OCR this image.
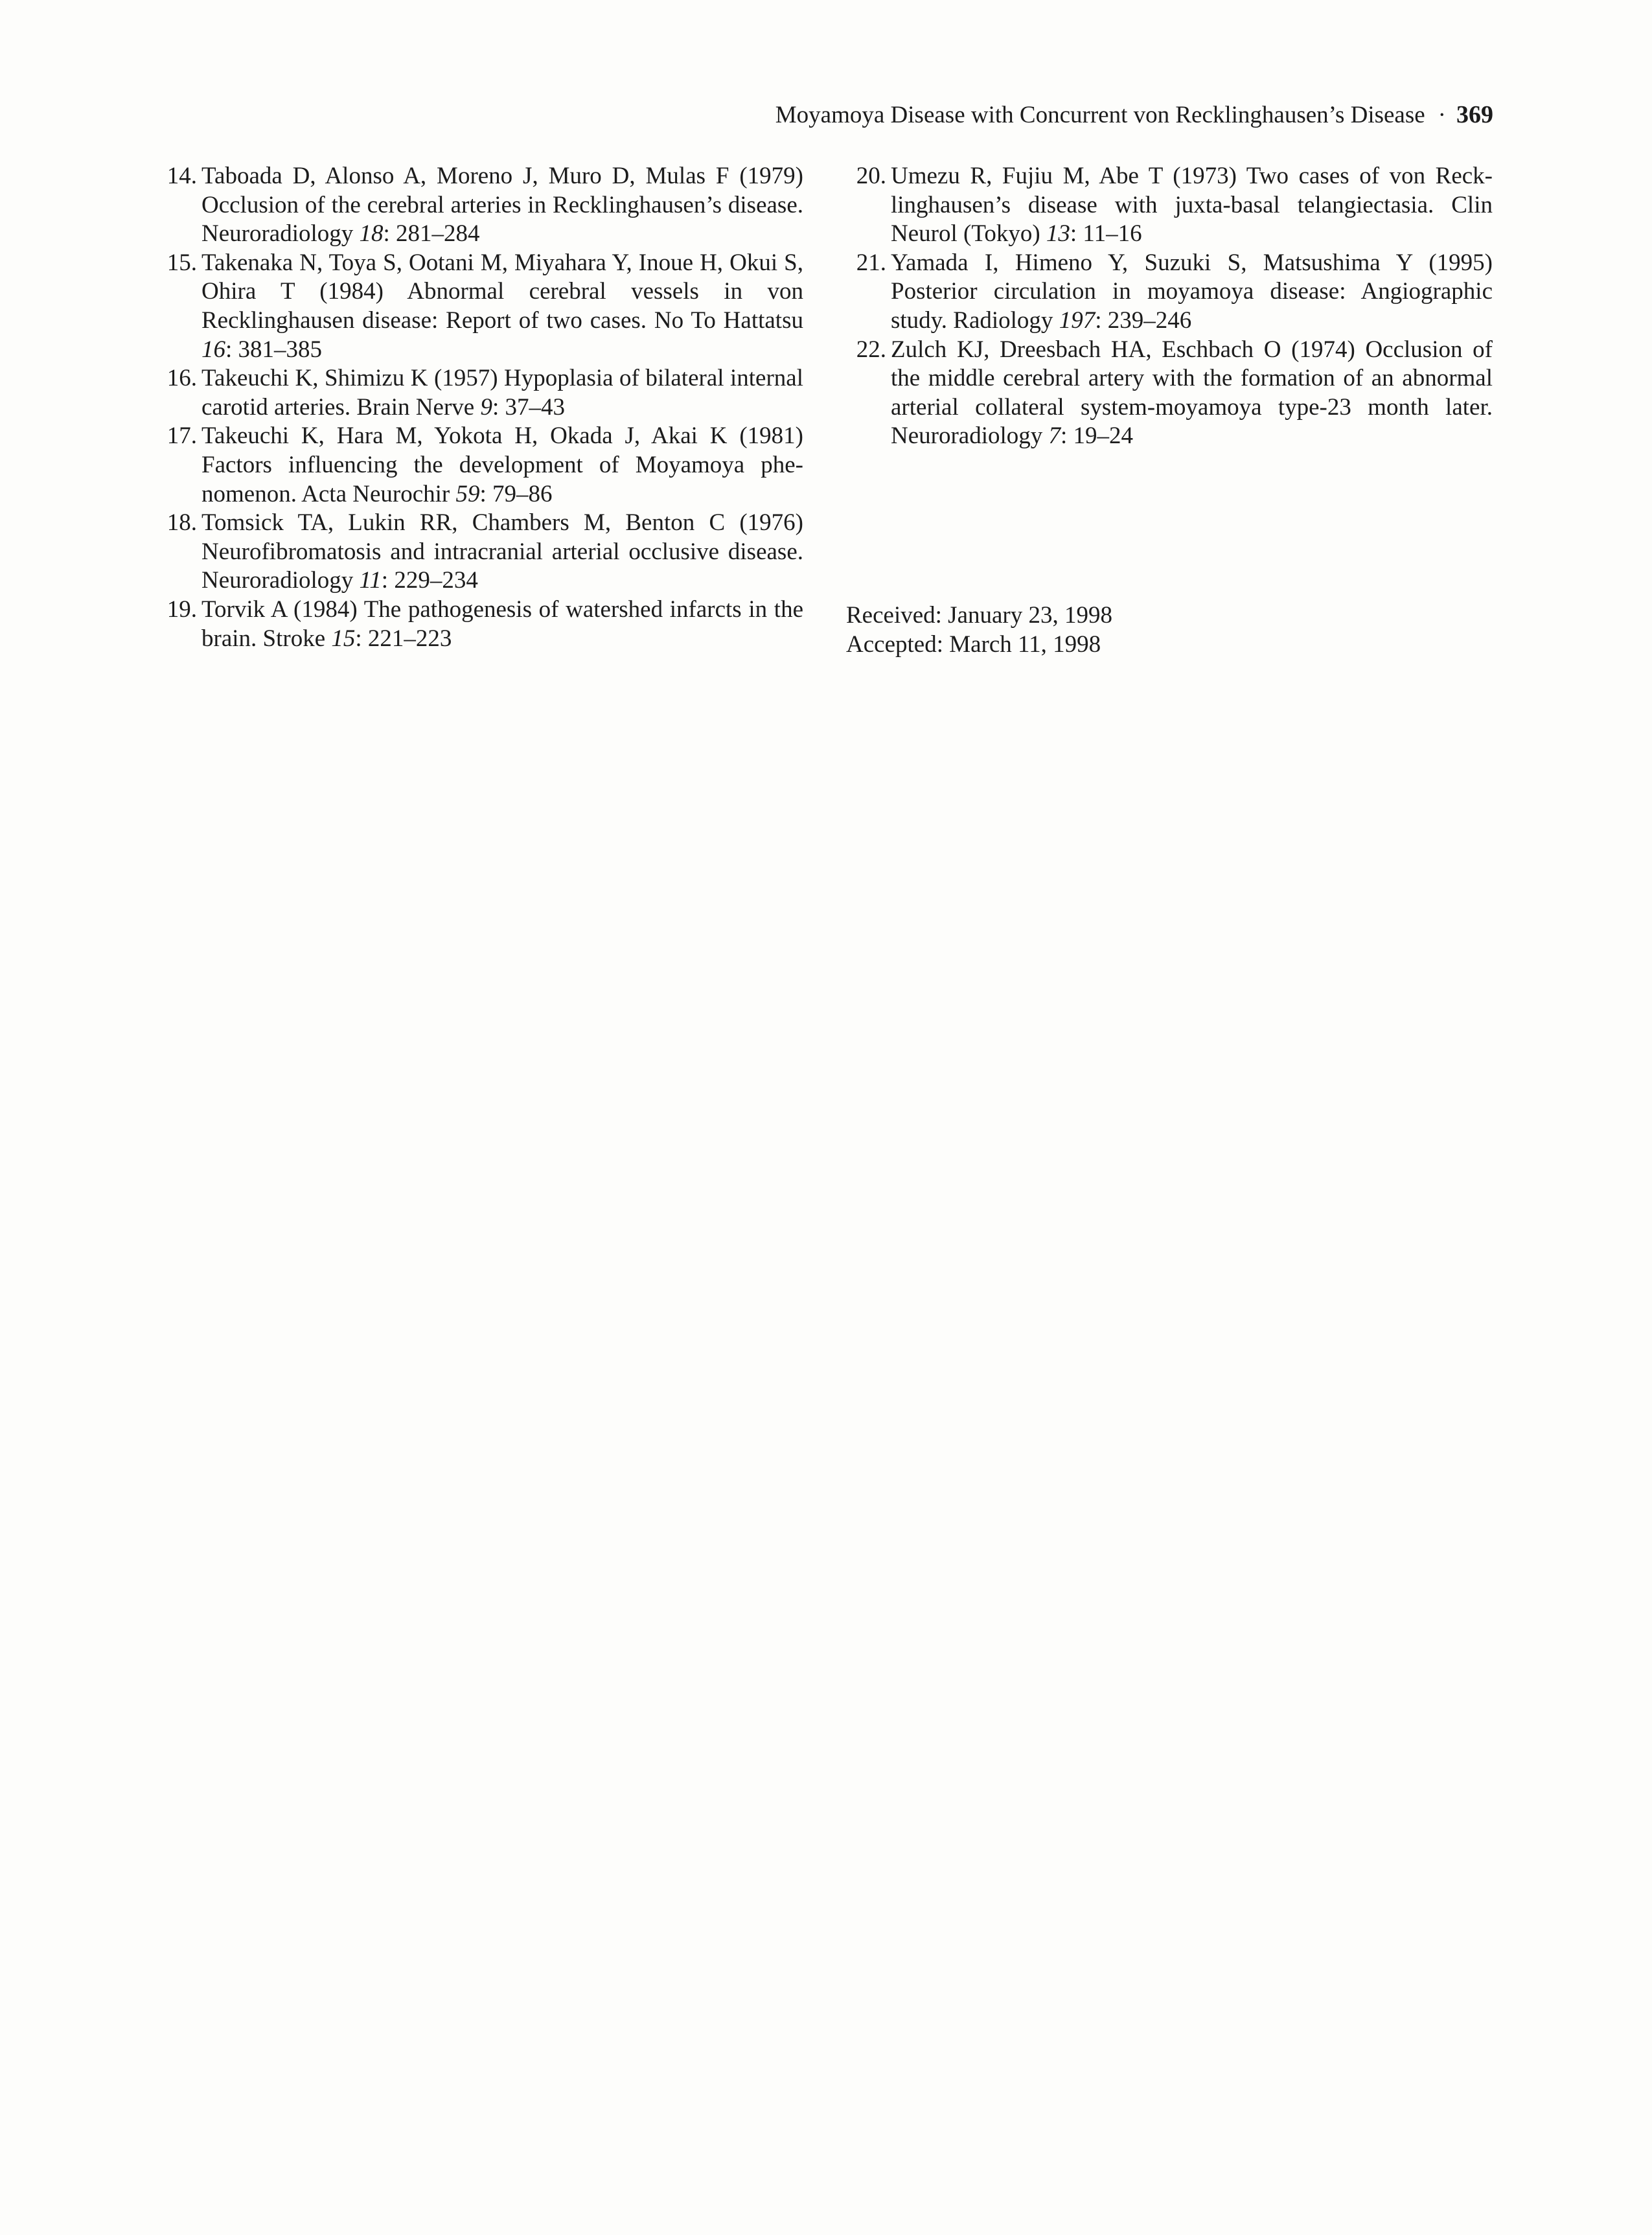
Moyamoya Disease with Concurrent von Recklinghausen’s Disease · 369
14 . Taboada D, Alonso A, Moreno J, Muro D, Mulas F (1979) Occlusion of the cerebral arteries in Recklinghausen’s disease. Neuroradiology 18: 281–284
15 . Takenaka N, Toya S, Ootani M, Miyahara Y, Inoue H, Okui S, Ohira T (1984) Abnormal cerebral vessels in von Recklinghausen disease: Report of two cases. No To Hattatsu 16: 381–385
16 . Takeuchi K, Shimizu K (1957) Hypoplasia of bilateral internal carotid arteries. Brain Nerve 9: 37–43
17 . Takeuchi K, Hara M, Yokota H, Okada J, Akai K (1981) Factors influencing the development of Moyamoya phenomenon. Acta Neurochir 59: 79–86
18 . Tomsick TA, Lukin RR, Chambers M, Benton C (1976) Neurofibromatosis and intracranial arterial occlusive disease. Neuroradiology 11: 229–234
19 . Torvik A (1984) The pathogenesis of watershed infarcts in the brain. Stroke 15: 221–223
20 . Umezu R, Fujiu M, Abe T (1973) Two cases of von Recklinghausen’s disease with juxta-basal telangiectasia. Clin Neurol (Tokyo) 13: 11–16
21 . Yamada I, Himeno Y, Suzuki S, Matsushima Y (1995) Posterior circulation in moyamoya disease: Angiographic study. Radiology 197: 239–246
22 . Zulch KJ, Dreesbach HA, Eschbach O (1974) Occlusion of the middle cerebral artery with the formation of an abnormal arterial collateral system-moyamoya type-23 month later. Neuroradiology 7: 19–24
Received: January 23, 1998
Accepted: March 11, 1998
